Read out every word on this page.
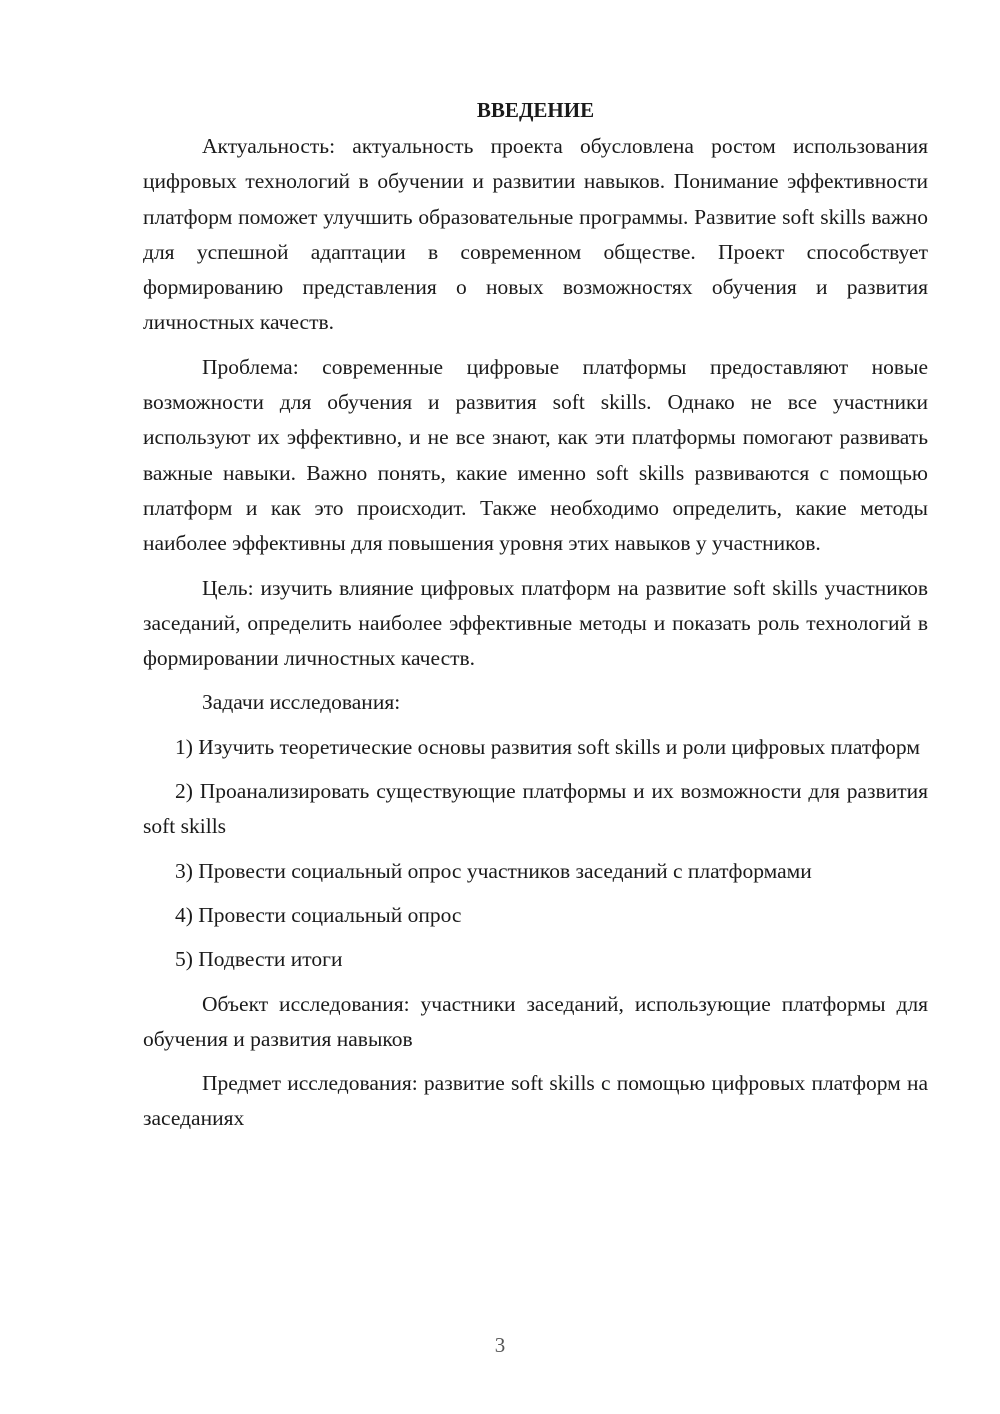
ВВЕДЕНИЕ

Актуальность: актуальность проекта обусловлена ростом использования цифровых технологий в обучении и развитии навыков. Понимание эффективности платформ поможет улучшить образовательные программы. Развитие soft skills важно для успешной адаптации в современном обществе. Проект способствует формированию представления о новых возможностях обучения и развития личностных качеств.

Проблема: современные цифровые платформы предоставляют новые возможности для обучения и развития soft skills. Однако не все участники используют их эффективно, и не все знают, как эти платформы помогают развивать важные навыки. Важно понять, какие именно soft skills развиваются с помощью платформ и как это происходит. Также необходимо определить, какие методы наиболее эффективны для повышения уровня этих навыков у участников.

Цель: изучить влияние цифровых платформ на развитие soft skills участников заседаний, определить наиболее эффективные методы и показать роль технологий в формировании личностных качеств.

Задачи исследования:

1) Изучить теоретические основы развития soft skills и роли цифровых платформ

2) Проанализировать существующие платформы и их возможности для развития soft skills

3) Провести социальный опрос участников заседаний с платформами

4) Провести социальный опрос

5) Подвести итоги

Объект исследования: участники заседаний, использующие платформы для обучения и развития навыков

Предмет исследования: развитие soft skills с помощью цифровых платформ на заседаниях

3
